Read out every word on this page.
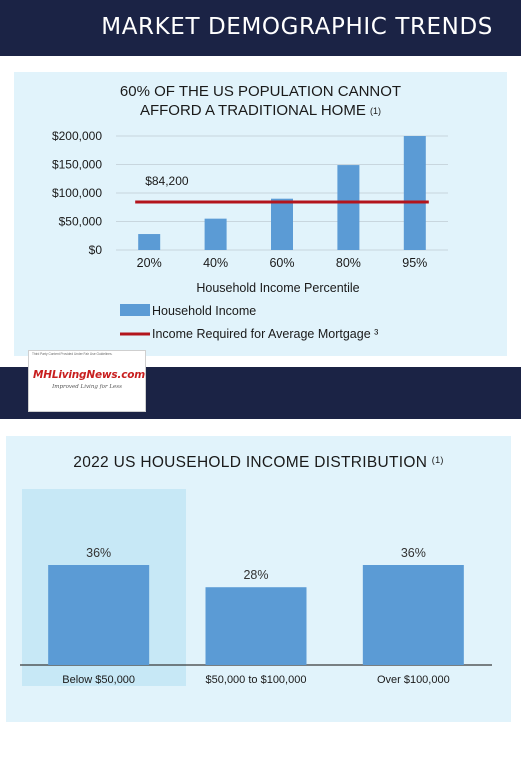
MARKET DEMOGRAPHIC TRENDS
60% OF THE US POPULATION CANNOT
AFFORD A TRADITIONAL HOME $^{(1)}$
$0
$50,000
$100,000
$150,000
$200,000
20%	40%	60%	80%	95%
$84,200
Household Income Percentile
Household Income
Income Required for Average Mortgage ³
SKYLINE CHAMPION
Third Party Content Provided Under Fair Use Guidelines.
MHLivingNews.com
Improved Living for Less
2022 US HOUSEHOLD INCOME DISTRIBUTION $^{(1)}$
36%
Below $50,000
28%
$50,000 to $100,000
36%
Over $100,000
